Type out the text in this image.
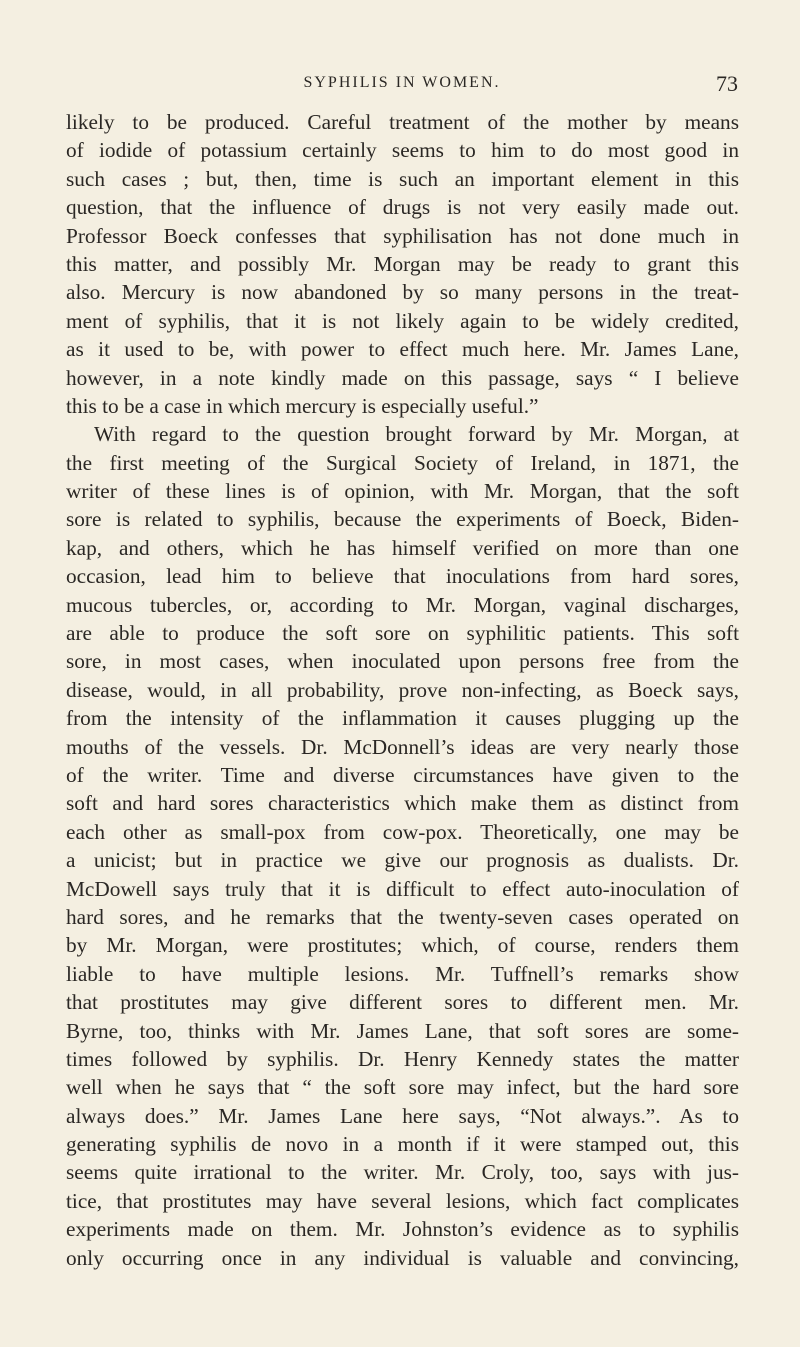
SYPHILIS IN WOMEN.	73
likely to be produced. Careful treatment of the mother by means
of iodide of potassium certainly seems to him to do most good in
such cases ; but, then, time is such an important element in this
question, that the influence of drugs is not very easily made out.
Professor Boeck confesses that syphilisation has not done much in
this matter, and possibly Mr. Morgan may be ready to grant this
also. Mercury is now abandoned by so many persons in the treat-
ment of syphilis, that it is not likely again to be widely credited,
as it used to be, with power to effect much here. Mr. James Lane,
however, in a note kindly made on this passage, says “ I believe
this to be a case in which mercury is especially useful.”
With regard to the question brought forward by Mr. Morgan, at
the first meeting of the Surgical Society of Ireland, in 1871, the
writer of these lines is of opinion, with Mr. Morgan, that the soft
sore is related to syphilis, because the experiments of Boeck, Biden-
kap, and others, which he has himself verified on more than one
occasion, lead him to believe that inoculations from hard sores,
mucous tubercles, or, according to Mr. Morgan, vaginal discharges,
are able to produce the soft sore on syphilitic patients. This soft
sore, in most cases, when inoculated upon persons free from the
disease, would, in all probability, prove non-infecting, as Boeck says,
from the intensity of the inflammation it causes plugging up the
mouths of the vessels. Dr. McDonnell’s ideas are very nearly those
of the writer. Time and diverse circumstances have given to the
soft and hard sores characteristics which make them as distinct from
each other as small-pox from cow-pox. Theoretically, one may be
a unicist; but in practice we give our prognosis as dualists. Dr.
McDowell says truly that it is difficult to effect auto-inoculation of
hard sores, and he remarks that the twenty-seven cases operated on
by Mr. Morgan, were prostitutes; which, of course, renders them
liable to have multiple lesions. Mr. Tuffnell’s remarks show
that prostitutes may give different sores to different men. Mr.
Byrne, too, thinks with Mr. James Lane, that soft sores are some-
times followed by syphilis. Dr. Henry Kennedy states the matter
well when he says that “ the soft sore may infect, but the hard sore
always does.” Mr. James Lane here says, “Not always.”. As to
generating syphilis de novo in a month if it were stamped out, this
seems quite irrational to the writer. Mr. Croly, too, says with jus-
tice, that prostitutes may have several lesions, which fact complicates
experiments made on them. Mr. Johnston’s evidence as to syphilis
only occurring once in any individual is valuable and convincing,
